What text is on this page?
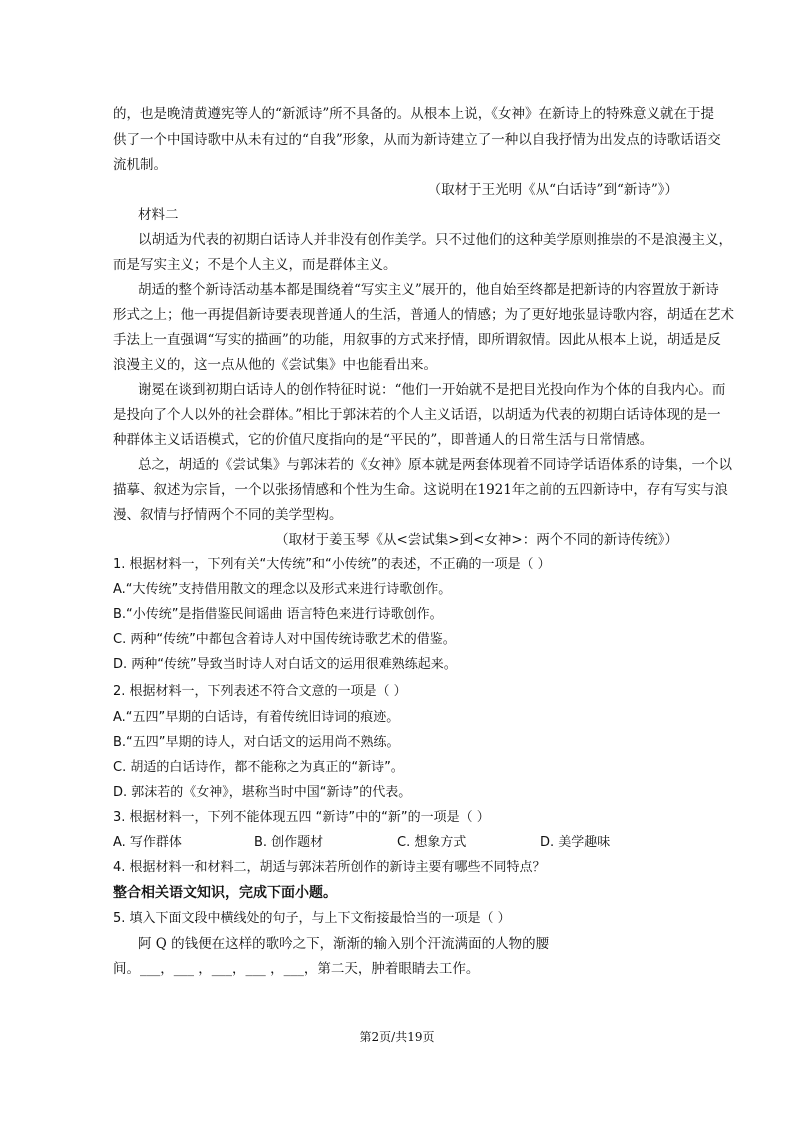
的，也是晚清黄遵宪等人的“新派诗”所不具备的。从根本上说，《女神》在新诗上的特殊意义就在于提
供了一个中国诗歌中从未有过的“自我”形象，从而为新诗建立了一种以自我抒情为出发点的诗歌话语交
流机制。
（取材于王光明《从“白话诗”到“新诗”》）
材料二
以胡适为代表的初期白话诗人并非没有创作美学。只不过他们的这种美学原则推崇的不是浪漫主义，
而是写实主义；不是个人主义，而是群体主义。
胡适的整个新诗活动基本都是围绕着“写实主义”展开的，他自始至终都是把新诗的内容置放于新诗
形式之上；他一再提倡新诗要表现普通人的生活，普通人的情感；为了更好地张显诗歌内容，胡适在艺术
手法上一直强调“写实的描画”的功能，用叙事的方式来抒情，即所谓叙情。因此从根本上说，胡适是反
浪漫主义的，这一点从他的《尝试集》中也能看出来。
谢冕在谈到初期白话诗人的创作特征时说：“他们一开始就不是把目光投向作为个体的自我内心。而
是投向了个人以外的社会群体。”相比于郭沫若的个人主义话语，以胡适为代表的初期白话诗体现的是一
种群体主义话语模式，它的价值尺度指向的是“平民的”，即普通人的日常生活与日常情感。
总之，胡适的《尝试集》与郭沫若的《女神》原本就是两套体现着不同诗学话语体系的诗集，一个以
描摹、叙述为宗旨，一个以张扬情感和个性为生命。这说明在1921年之前的五四新诗中，存有写实与浪
漫、叙情与抒情两个不同的美学型构。
（取材于姜玉琴《从<尝试集>到<女神>：两个不同的新诗传统》）
1. 根据材料一，下列有关“大传统”和“小传统”的表述，不正确的一项是（ ）
A.“大传统”支持借用散文的理念以及形式来进行诗歌创作。
B.“小传统”是指借鉴民间谣曲 语言特色来进行诗歌创作。
C. 两种“传统”中都包含着诗人对中国传统诗歌艺术的借鉴。
D. 两种“传统”导致当时诗人对白话文的运用很难熟练起来。
2. 根据材料一，下列表述不符合文意的一项是（ ）
A.“五四”早期的白话诗，有着传统旧诗词的痕迹。
B.“五四”早期的诗人，对白话文的运用尚不熟练。
C. 胡适的白话诗作，都不能称之为真正的“新诗”。
D. 郭沫若的《女神》，堪称当时中国“新诗”的代表。
3. 根据材料一，下列不能体现五四 “新诗”中的“新”的一项是（ ）
A. 写作群体	B. 创作题材	C. 想象方式	D. 美学趣味
4. 根据材料一和材料二，胡适与郭沫若所创作的新诗主要有哪些不同特点？
整合相关语文知识，完成下面小题。
5. 填入下面文段中横线处的句子，与上下文衔接最恰当的一项是（ ）
阿 Q 的钱便在这样的歌吟之下，渐渐的输入别个汗流满面的人物的腰
间。___，___ ，___，___ ，___，第二天，肿着眼睛去工作。
第2页/共19页
